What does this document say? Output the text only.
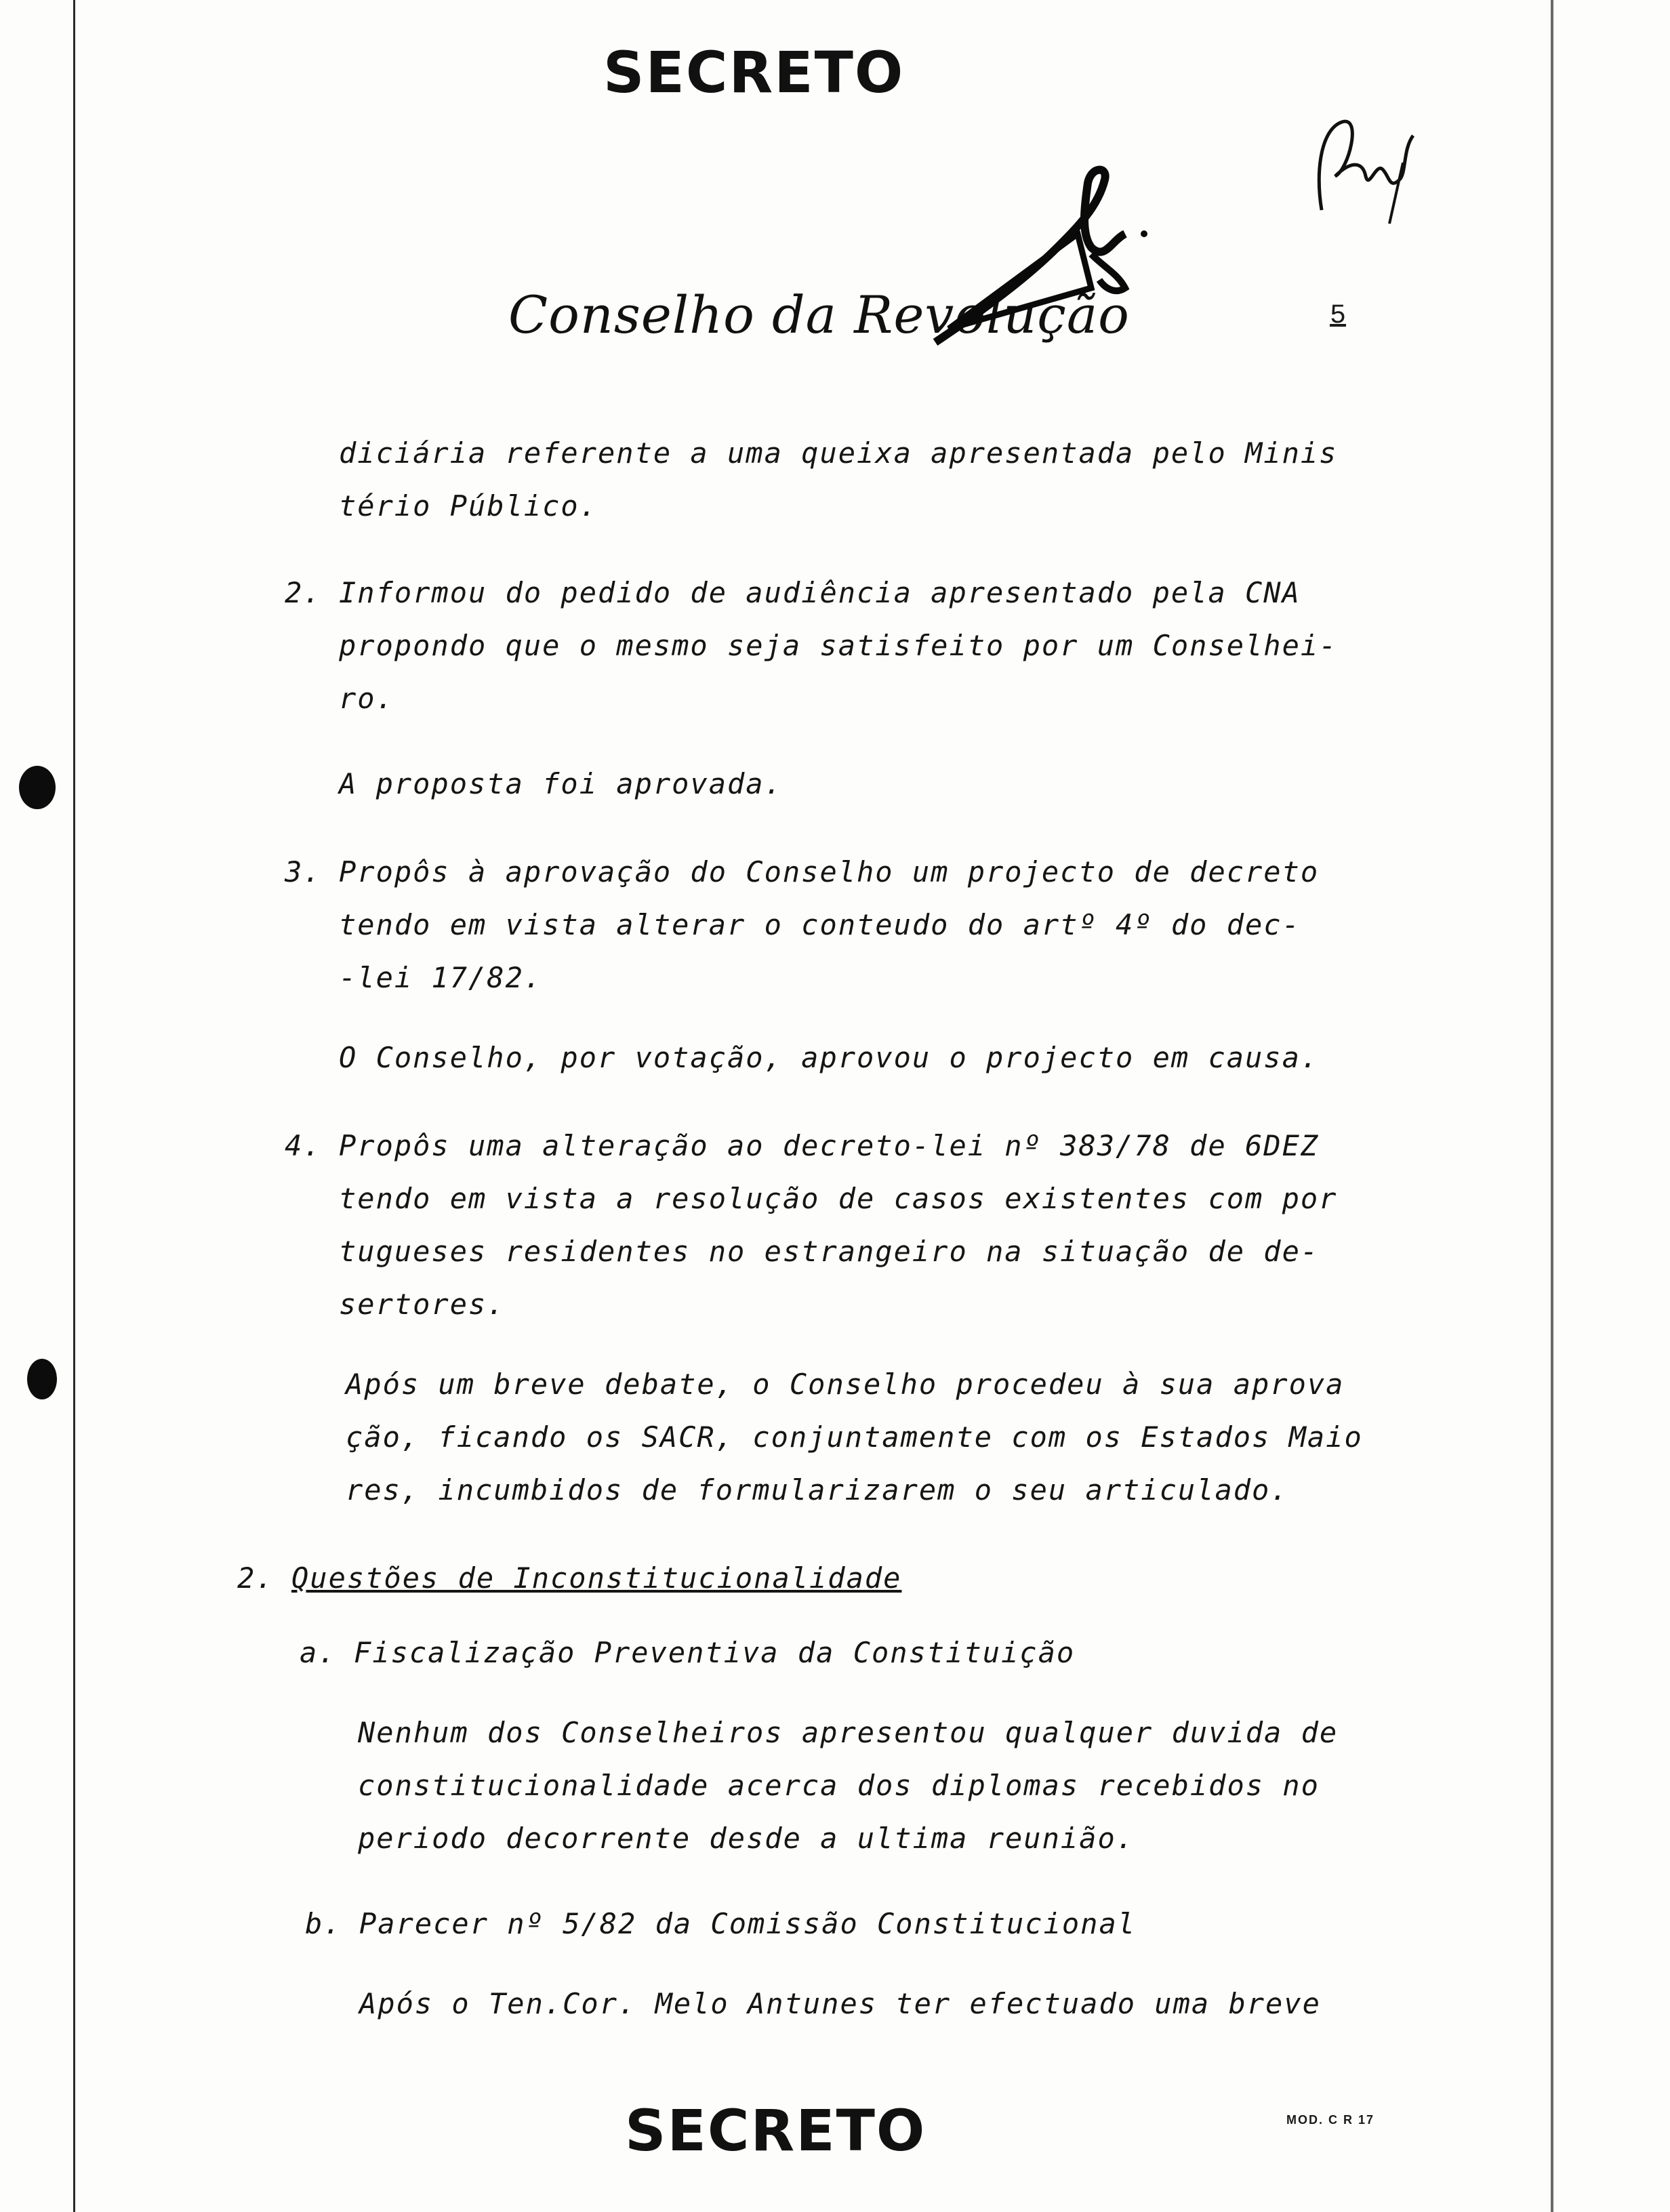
SECRETO
Conselho da Revolução	5

diciária referente a uma queixa apresentada pelo Minis

tério Público.

2. Informou do pedido de audiência apresentado pela CNA

propondo que o mesmo seja satisfeito por um Conselhei-

ro.

A proposta foi aprovada.

3. Propôs à aprovação do Conselho um projecto de decreto

tendo em vista alterar o conteudo do artº 4º do dec-

-lei 17/82.

O Conselho, por votação, aprovou o projecto em causa.

4. Propôs uma alteração ao decreto-lei nº 383/78 de 6DEZ

tendo em vista a resolução de casos existentes com por

tugueses residentes no estrangeiro na situação de de-

sertores.

Após um breve debate, o Conselho procedeu à sua aprova

ção, ficando os SACR, conjuntamente com os Estados Maio

res, incumbidos de formularizarem o seu articulado.

2. Questões de Inconstitucionalidade

a. Fiscalização Preventiva da Constituição

Nenhum dos Conselheiros apresentou qualquer duvida de

constitucionalidade acerca dos diplomas recebidos no

periodo decorrente desde a ultima reunião.

b. Parecer nº 5/82 da Comissão Constitucional

Após o Ten.Cor. Melo Antunes ter efectuado uma breve

SECRETO	MOD. C R 17
